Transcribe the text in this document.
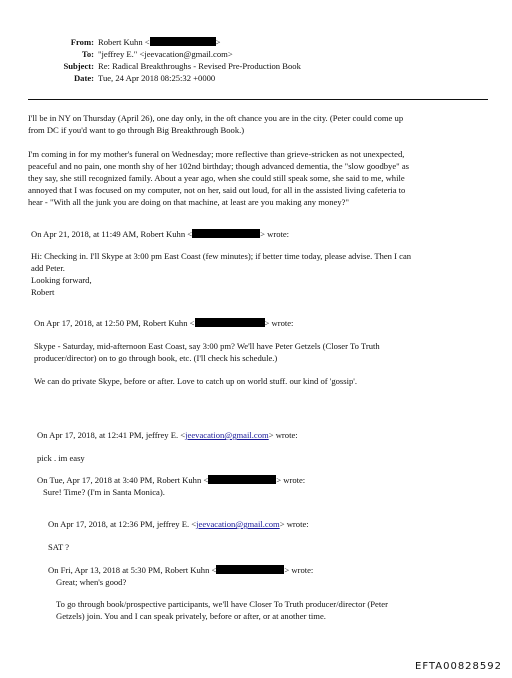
From: Robert Kuhn <	>
To: "jeffrey E." <jeevacation@gmail.com>
Subject: Re: Radical Breakthroughs - Revised Pre-Production Book
Date: Tue, 24 Apr 2018 08:25:32 +0000
I'll be in NY on Thursday (April 26), one day only, in the oft chance you are in the city. (Peter could come up
from DC if you'd want to go through Big Breakthrough Book.)
I'm coming in for my mother's funeral on Wednesday; more reflective than grieve-stricken as not unexpected,
peaceful and no pain, one month shy of her 102nd birthday; though advanced dementia, the "slow goodbye" as
they say, she still recognized family. About a year ago, when she could still speak some, she said to me, while
annoyed that I was focused on my computer, not on her, said out loud, for all in the assisted living cafeteria to
hear - "With all the junk you are doing on that machine, at least are you making any money?"
On Apr 21, 2018, at 11:49 AM, Robert Kuhn <	> wrote:
Hi: Checking in. I'll Skype at 3:00 pm East Coast (few minutes); if better time today, please advise. Then I can
add Peter.
Looking forward,
Robert
On Apr 17, 2018, at 12:50 PM, Robert Kuhn <	> wrote:
Skype - Saturday, mid-afternoon East Coast, say 3:00 pm? We'll have Peter Getzels (Closer To Truth
producer/director) on to go through book, etc. (I'll check his schedule.)
We can do private Skype, before or after. Love to catch up on world stuff. our kind of 'gossip'.
On Apr 17, 2018, at 12:41 PM, jeffrey E. <jeevacation@gmail.com> wrote:
pick . im easy
On Tue, Apr 17, 2018 at 3:40 PM, Robert Kuhn <	> wrote:
Sure! Time? (I'm in Santa Monica).
On Apr 17, 2018, at 12:36 PM, jeffrey E. <jeevacation@gmail.com> wrote:
SAT ?
On Fri, Apr 13, 2018 at 5:30 PM, Robert Kuhn <	> wrote:
Great; when's good?
To go through book/prospective participants, we'll have Closer To Truth producer/director (Peter
Getzels) join. You and I can speak privately, before or after, or at another time.
EFTA00828592
